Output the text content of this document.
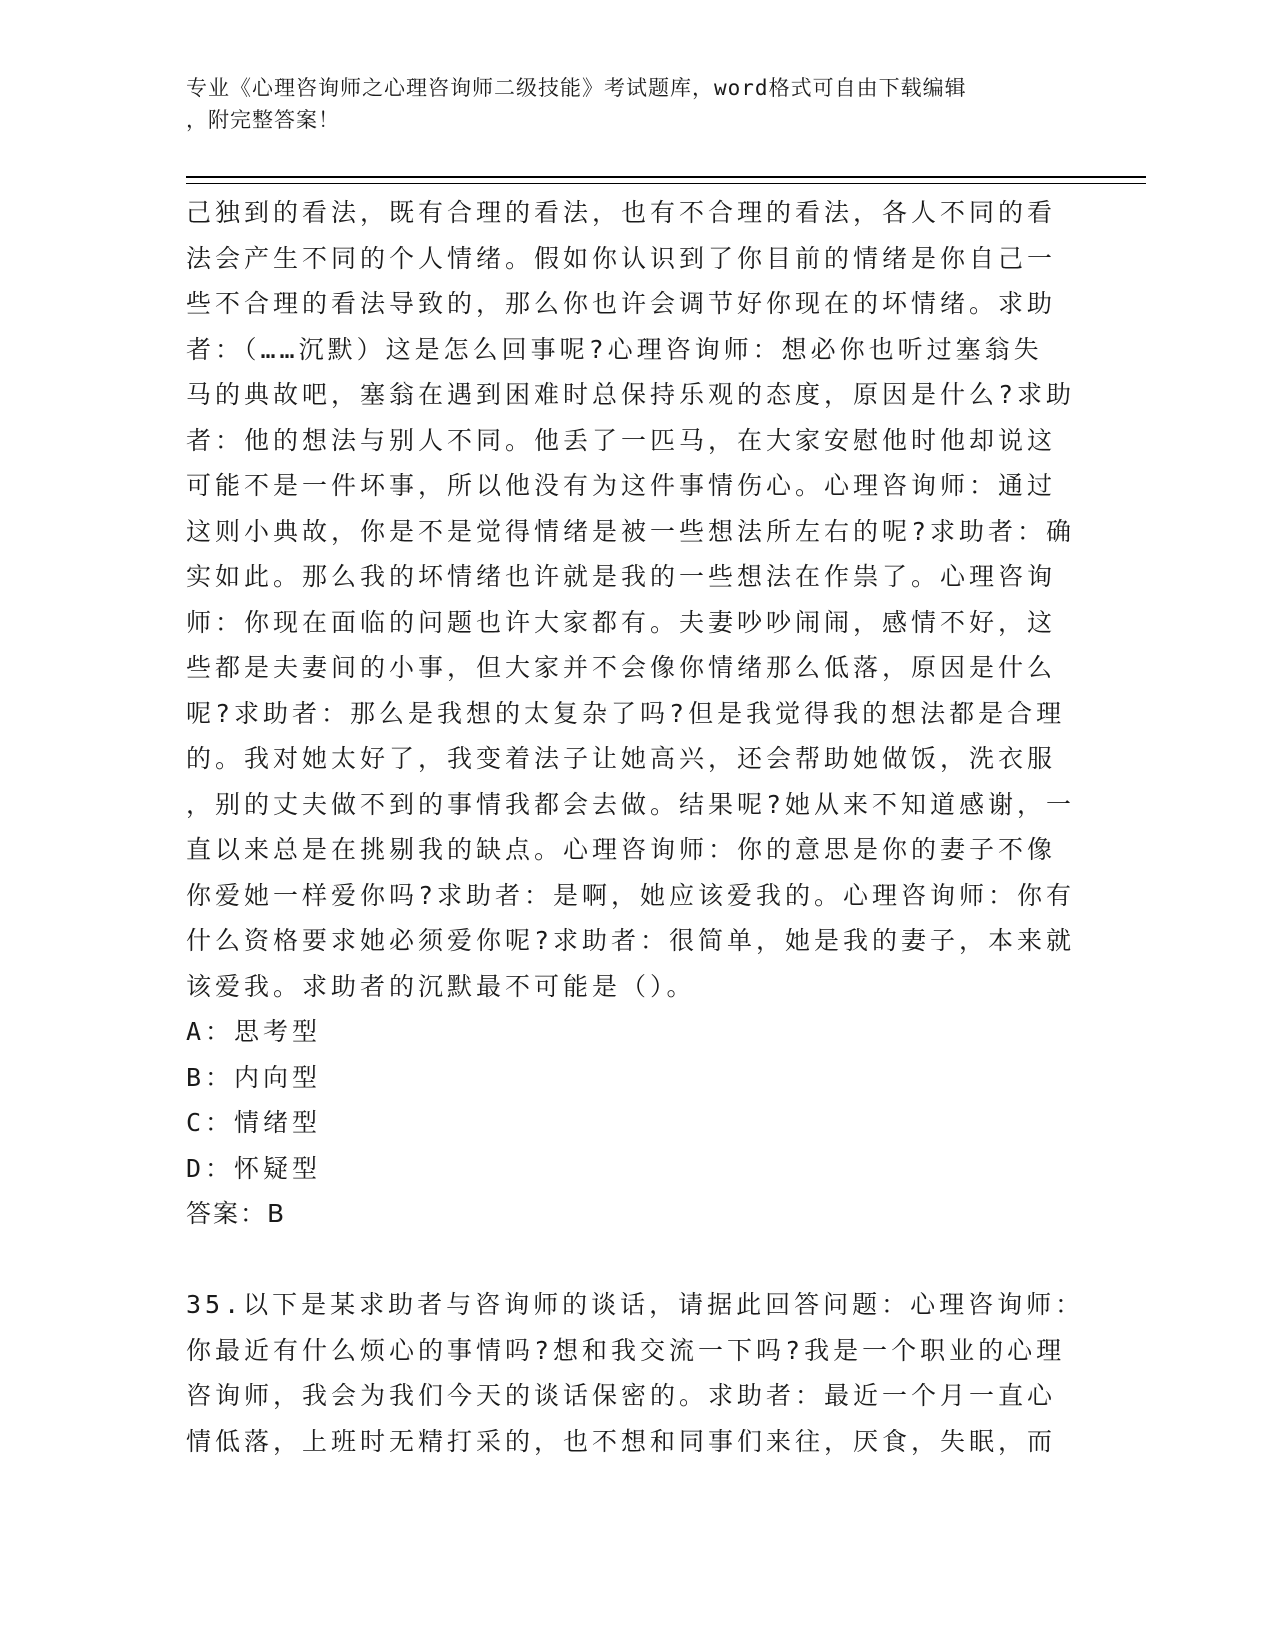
专业《心理咨询师之心理咨询师二级技能》考试题库，word格式可自由下载编辑
，附完整答案！
己独到的看法，既有合理的看法，也有不合理的看法，各人不同的看
法会产生不同的个人情绪。假如你认识到了你目前的情绪是你自己一
些不合理的看法导致的，那么你也许会调节好你现在的坏情绪。求助
者：（……沉默）这是怎么回事呢?心理咨询师：想必你也听过塞翁失
马的典故吧，塞翁在遇到困难时总保持乐观的态度，原因是什么?求助
者：他的想法与别人不同。他丢了一匹马，在大家安慰他时他却说这
可能不是一件坏事，所以他没有为这件事情伤心。心理咨询师：通过
这则小典故，你是不是觉得情绪是被一些想法所左右的呢?求助者：确
实如此。那么我的坏情绪也许就是我的一些想法在作祟了。心理咨询
师：你现在面临的问题也许大家都有。夫妻吵吵闹闹，感情不好，这
些都是夫妻间的小事，但大家并不会像你情绪那么低落，原因是什么
呢?求助者：那么是我想的太复杂了吗?但是我觉得我的想法都是合理
的。我对她太好了，我变着法子让她高兴，还会帮助她做饭，洗衣服
，别的丈夫做不到的事情我都会去做。结果呢?她从来不知道感谢，一
直以来总是在挑剔我的缺点。心理咨询师：你的意思是你的妻子不像
你爱她一样爱你吗?求助者：是啊，她应该爱我的。心理咨询师：你有
什么资格要求她必须爱你呢?求助者：很简单，她是我的妻子，本来就
该爱我。求助者的沉默最不可能是（）。
A：思考型
B：内向型
C：情绪型
D：怀疑型
答案：B
35.以下是某求助者与咨询师的谈话，请据此回答问题：心理咨询师：
你最近有什么烦心的事情吗?想和我交流一下吗?我是一个职业的心理
咨询师，我会为我们今天的谈话保密的。求助者：最近一个月一直心
情低落，上班时无精打采的，也不想和同事们来往，厌食，失眠，而
